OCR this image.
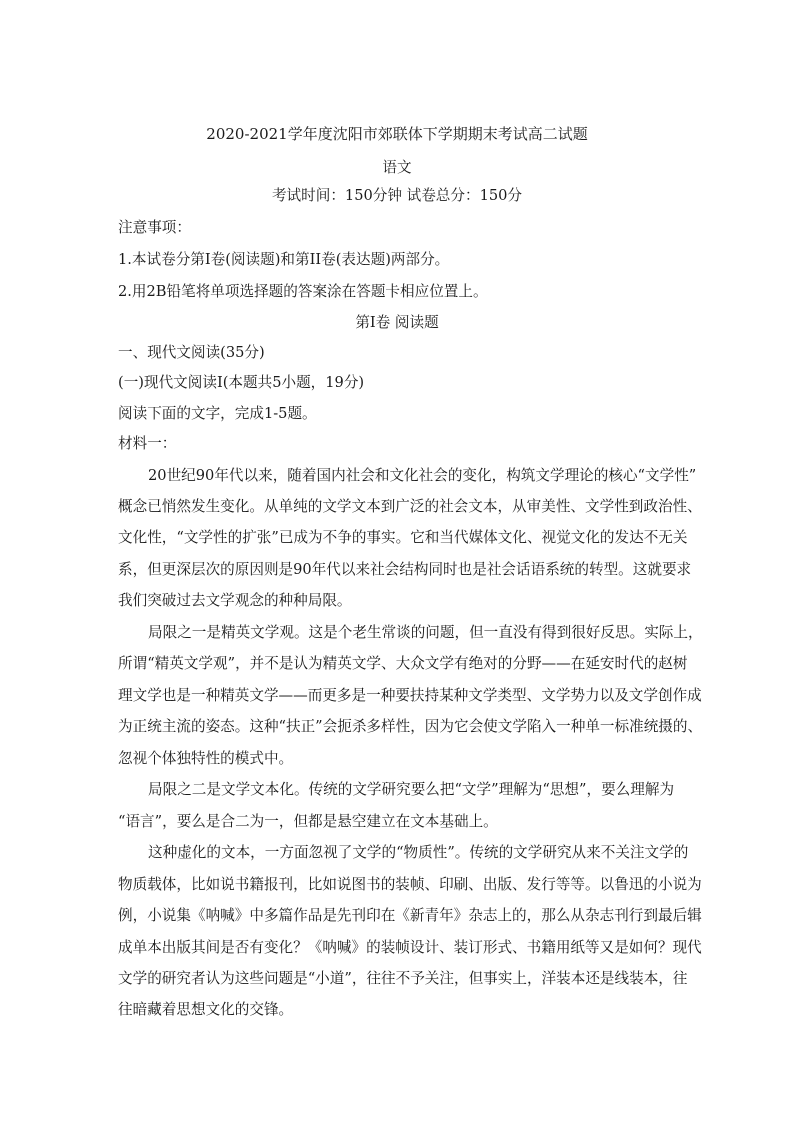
2020-2021学年度沈阳市郊联体下学期期末考试高二试题
语文
考试时间：150分钟 试卷总分：150分
注意事项：
1.本试卷分第I卷(阅读题)和第II卷(表达题)两部分。
2.用2B铅笔将单项选择题的答案涂在答题卡相应位置上。
第I卷 阅读题
一、现代文阅读(35分)
(一)现代文阅读I(本题共5小题，19分)
阅读下面的文字，完成1-5题。
材料一：
20世纪90年代以来，随着国内社会和文化社会的变化，构筑文学理论的核心“文学性”
概念已悄然发生变化。从单纯的文学文本到广泛的社会文本，从审美性、文学性到政治性、
文化性，“文学性的扩张”已成为不争的事实。它和当代媒体文化、视觉文化的发达不无关
系，但更深层次的原因则是90年代以来社会结构同时也是社会话语系统的转型。这就要求
我们突破过去文学观念的种种局限。
局限之一是精英文学观。这是个老生常谈的问题，但一直没有得到很好反思。实际上，
所谓“精英文学观”，并不是认为精英文学、大众文学有绝对的分野——在延安时代的赵树
理文学也是一种精英文学——而更多是一种要扶持某种文学类型、文学势力以及文学创作成
为正统主流的姿态。这种“扶正”会扼杀多样性，因为它会使文学陷入一种单一标准统摄的、
忽视个体独特性的模式中。
局限之二是文学文本化。传统的文学研究要么把“文学”理解为“思想”，要么理解为
“语言”，要么是合二为一，但都是悬空建立在文本基础上。
这种虚化的文本，一方面忽视了文学的“物质性”。传统的文学研究从来不关注文学的
物质载体，比如说书籍报刊，比如说图书的装帧、印刷、出版、发行等等。以鲁迅的小说为
例，小说集《呐喊》中多篇作品是先刊印在《新青年》杂志上的，那么从杂志刊行到最后辑
成单本出版其间是否有变化？《呐喊》的装帧设计、装订形式、书籍用纸等又是如何？现代
文学的研究者认为这些问题是“小道”，往往不予关注，但事实上，洋装本还是线装本，往
往暗藏着思想文化的交锋。
